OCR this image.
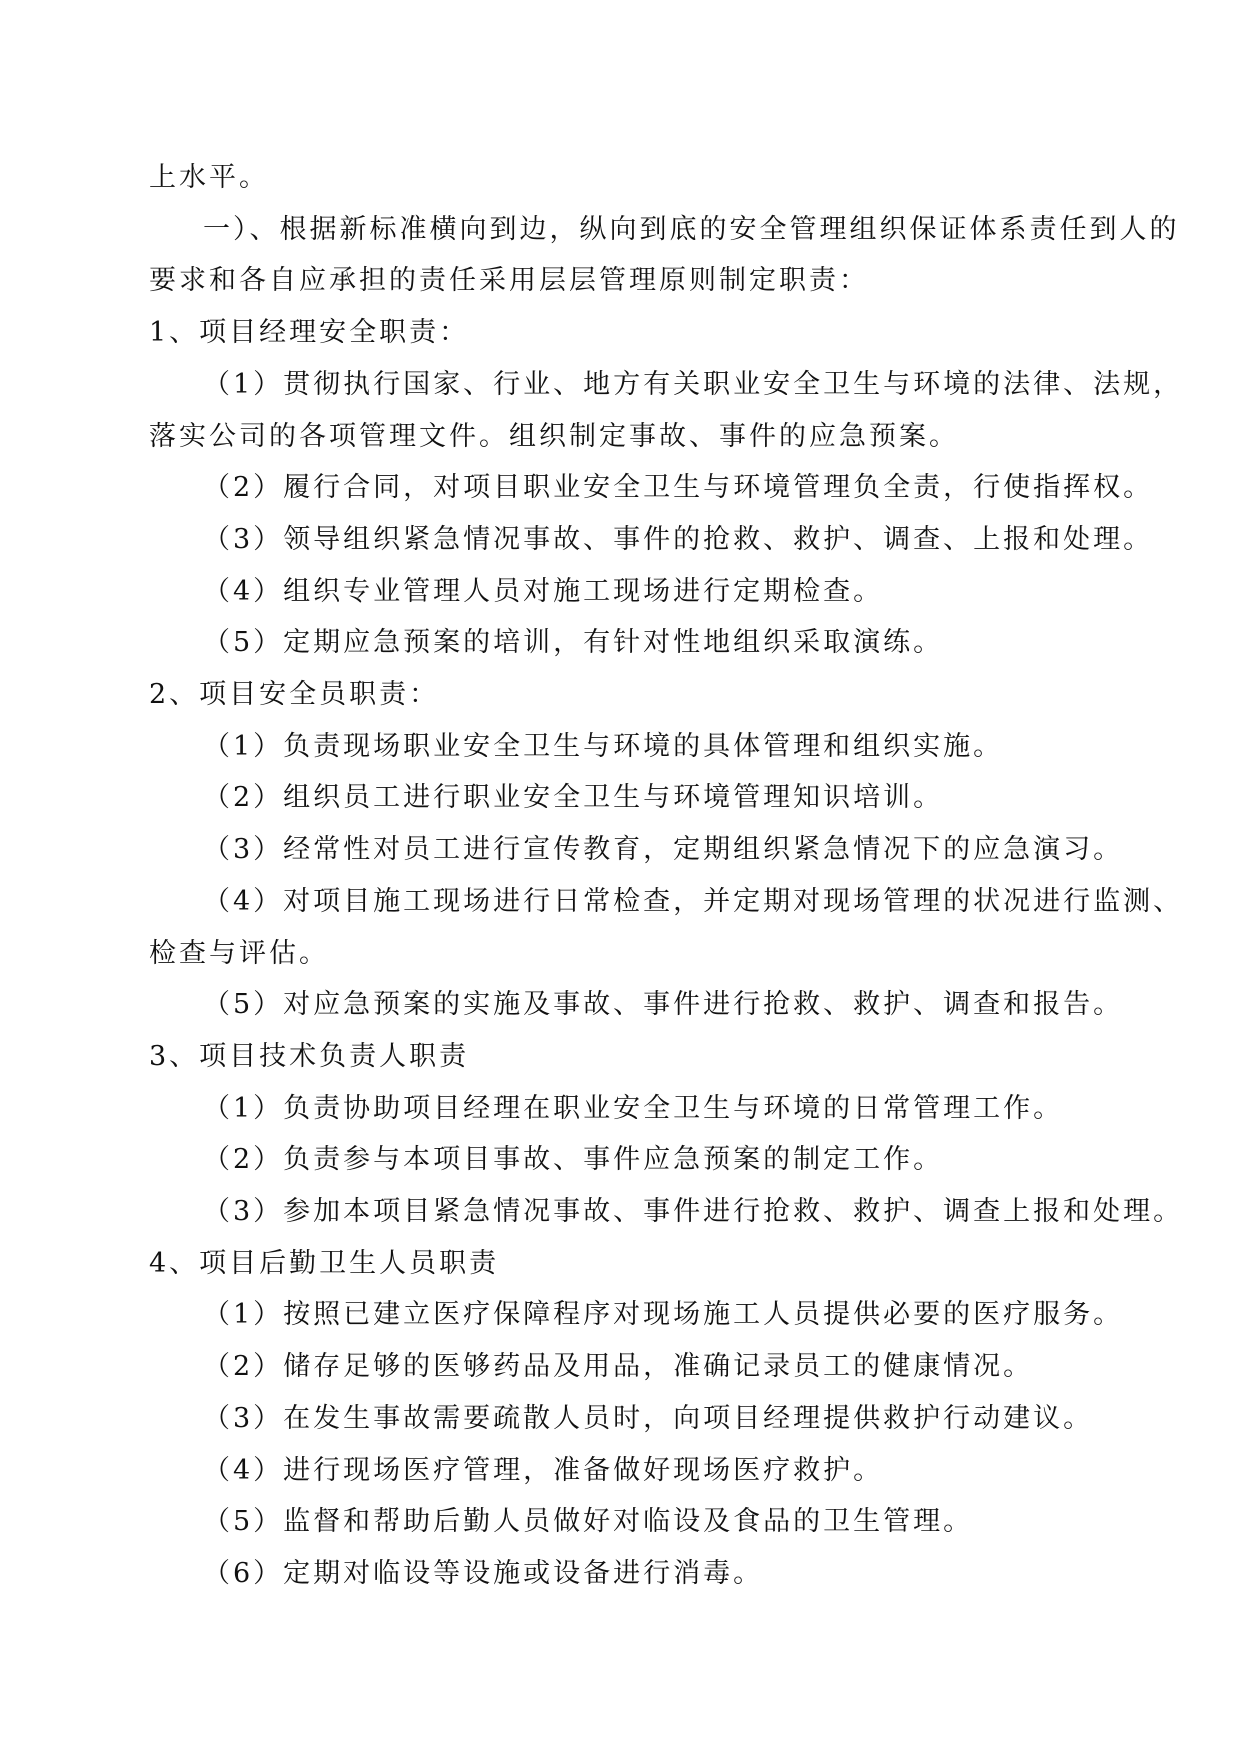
上水平。

一）、根据新标准横向到边，纵向到底的安全管理组织保证体系责任到人的

要求和各自应承担的责任采用层层管理原则制定职责：

1、项目经理安全职责：

（1）贯彻执行国家、行业、地方有关职业安全卫生与环境的法律、法规，

落实公司的各项管理文件。组织制定事故、事件的应急预案。

（2）履行合同，对项目职业安全卫生与环境管理负全责，行使指挥权。

（3）领导组织紧急情况事故、事件的抢救、救护、调查、上报和处理。

（4）组织专业管理人员对施工现场进行定期检查。

（5）定期应急预案的培训，有针对性地组织采取演练。

2、项目安全员职责：

（1）负责现场职业安全卫生与环境的具体管理和组织实施。

（2）组织员工进行职业安全卫生与环境管理知识培训。

（3）经常性对员工进行宣传教育，定期组织紧急情况下的应急演习。

（4）对项目施工现场进行日常检查，并定期对现场管理的状况进行监测、

检查与评估。

（5）对应急预案的实施及事故、事件进行抢救、救护、调查和报告。

3、项目技术负责人职责

（1）负责协助项目经理在职业安全卫生与环境的日常管理工作。

（2）负责参与本项目事故、事件应急预案的制定工作。

（3）参加本项目紧急情况事故、事件进行抢救、救护、调查上报和处理。

4、项目后勤卫生人员职责

（1）按照已建立医疗保障程序对现场施工人员提供必要的医疗服务。

（2）储存足够的医够药品及用品，准确记录员工的健康情况。

（3）在发生事故需要疏散人员时，向项目经理提供救护行动建议。

（4）进行现场医疗管理，准备做好现场医疗救护。

（5）监督和帮助后勤人员做好对临设及食品的卫生管理。

（6）定期对临设等设施或设备进行消毒。
